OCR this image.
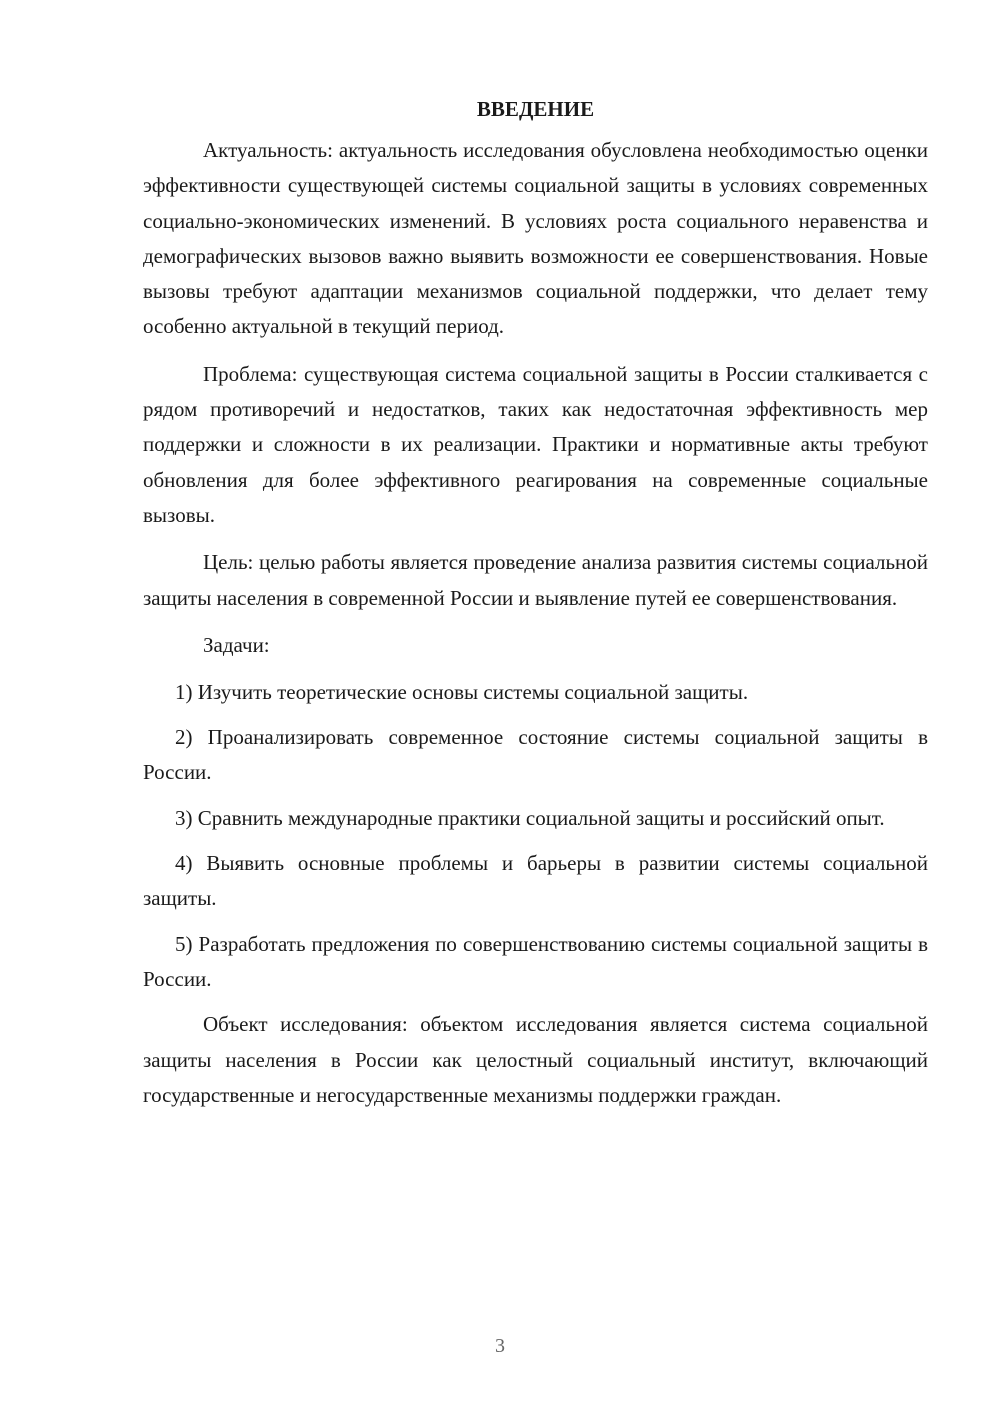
ВВЕДЕНИЕ

Актуальность: актуальность исследования обусловлена необходимостью оценки эффективности существующей системы социальной защиты в условиях современных социально-экономических изменений. В условиях роста социального неравенства и демографических вызовов важно выявить возможности ее совершенствования. Новые вызовы требуют адаптации механизмов социальной поддержки, что делает тему особенно актуальной в текущий период.

Проблема: существующая система социальной защиты в России сталкивается с рядом противоречий и недостатков, таких как недостаточная эффективность мер поддержки и сложности в их реализации. Практики и нормативные акты требуют обновления для более эффективного реагирования на современные социальные вызовы.

Цель: целью работы является проведение анализа развития системы социальной защиты населения в современной России и выявление путей ее совершенствования.

Задачи:

1) Изучить теоретические основы системы социальной защиты.

2) Проанализировать современное состояние системы социальной защиты в России.

3) Сравнить международные практики социальной защиты и российский опыт.

4) Выявить основные проблемы и барьеры в развитии системы социальной защиты.

5) Разработать предложения по совершенствованию системы социальной защиты в России.

Объект исследования: объектом исследования является система социальной защиты населения в России как целостный социальный институт, включающий государственные и негосударственные механизмы поддержки граждан.

3
